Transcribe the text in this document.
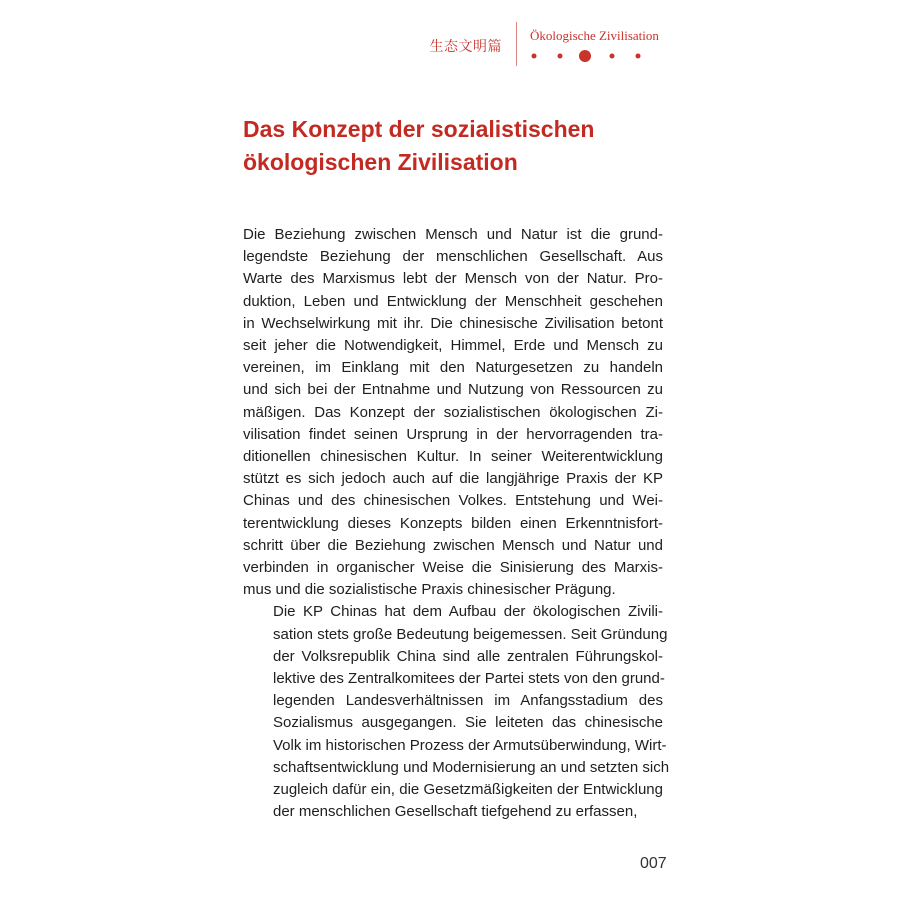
生态文明篇
Ökologische Zivilisation
Das Konzept der sozialistischen
ökologischen Zivilisation
Die Beziehung zwischen Mensch und Natur ist die grund-
legendste Beziehung der menschlichen Gesellschaft. Aus
Warte des Marxismus lebt der Mensch von der Natur. Pro-
duktion, Leben und Entwicklung der Menschheit geschehen
in Wechselwirkung mit ihr. Die chinesische Zivilisation betont
seit jeher die Notwendigkeit, Himmel, Erde und Mensch zu
vereinen, im Einklang mit den Naturgesetzen zu handeln
und sich bei der Entnahme und Nutzung von Ressourcen zu
mäßigen. Das Konzept der sozialistischen ökologischen Zi-
vilisation findet seinen Ursprung in der hervorragenden tra-
ditionellen chinesischen Kultur. In seiner Weiterentwicklung
stützt es sich jedoch auch auf die langjährige Praxis der KP
Chinas und des chinesischen Volkes. Entstehung und Wei-
terentwicklung dieses Konzepts bilden einen Erkenntnisfort-
schritt über die Beziehung zwischen Mensch und Natur und
verbinden in organischer Weise die Sinisierung des Marxis-
mus und die sozialistische Praxis chinesischer Prägung.
Die KP Chinas hat dem Aufbau der ökologischen Zivili-
sation stets große Bedeutung beigemessen. Seit Gründung
der Volksrepublik China sind alle zentralen Führungskol-
lektive des Zentralkomitees der Partei stets von den grund-
legenden Landesverhältnissen im Anfangsstadium des
Sozialismus ausgegangen. Sie leiteten das chinesische
Volk im historischen Prozess der Armutsüberwindung, Wirt-
schaftsentwicklung und Modernisierung an und setzten sich
zugleich dafür ein, die Gesetzmäßigkeiten der Entwicklung
der menschlichen Gesellschaft tiefgehend zu erfassen,
007
